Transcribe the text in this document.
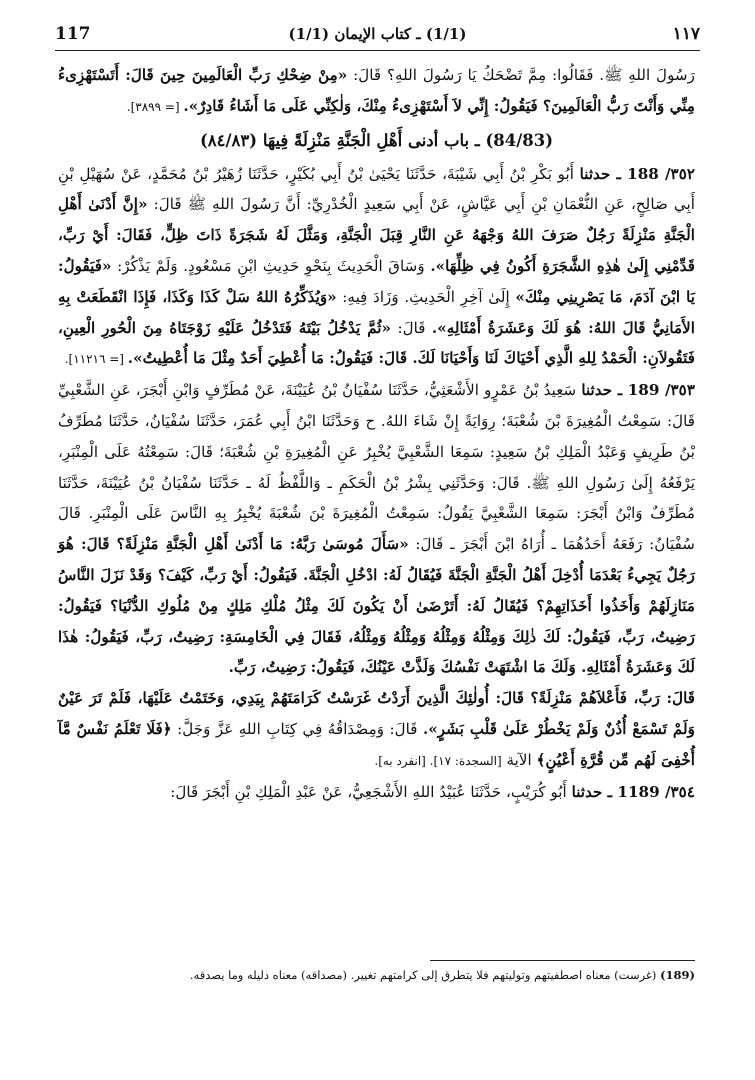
117	(1/1) ـ كتاب الإيمان (1/1)	١١٧

رَسُولَ اللهِ ﷺ. فَقَالُوا: مِمَّ تَضْحَكُ يَا رَسُولَ اللهِ؟ قَالَ: «مِنْ ضِحْكِ رَبِّ الْعَالَمِينَ حِينَ قَالَ: أَتَسْتَهْزِىءُ مِنِّي وَأَنْتَ رَبُّ الْعَالَمِينَ؟ فَيَقُولُ: إِنِّي لاَ أَسْتَهْزِىءُ مِنْكَ، وَلٰكِنِّي عَلَى مَا أَشَاءُ قَادِرٌ». [= ٣٨٩٩].

(84/83) ـ باب أدنى أَهْلِ الْجَنَّةِ مَنْزِلَةً فِيهَا (٨٤/٨٣)

٣٥٢/ 188 ـ حدثنا أَبُو بَكْرِ بْنُ أَبِي شَيْبَةَ، حَدَّثَنَا يَحْيَىٰ بْنُ أَبِي بُكَيْرٍ، حَدَّثَنَا زُهَيْرُ بْنُ مُحَمَّدٍ، عَنْ سُهَيْلِ بْنِ أَبِي صَالِحٍ، عَنِ النُّعْمَانِ بْنِ أَبِي عَيَّاشٍ، عَنْ أَبِي سَعِيدٍ الْخُدْرِيِّ: أَنَّ رَسُولَ اللهِ ﷺ قَالَ: «إِنَّ أَدْنَىٰ أَهْلِ الْجَنَّةِ مَنْزِلَةً رَجُلٌ صَرَفَ اللهُ وَجْهَهُ عَنِ النَّارِ قِبَلَ الْجَنَّةِ، وَمَثَّلَ لَهُ شَجَرَةً ذَاتَ ظِلٍّ، فَقَالَ: أَيْ رَبِّ، قَدِّمْنِي إِلَىٰ هٰذِهِ الشَّجَرَةِ أَكُونُ فِي ظِلِّهَا». وَسَاقَ الْحَدِيثَ بِنَحْوِ حَدِيثِ ابْنِ مَسْعُودٍ. وَلَمْ يَذْكُرْ: «فَيَقُولُ: يَا ابْنَ آدَمَ، مَا يَصْرِينِي مِنْكَ» إِلَىٰ آخِرِ الْحَدِيثِ. وَزَادَ فِيهِ: «وَيُذَكِّرُهُ اللهُ سَلْ كَذَا وَكَذَا، فَإِذَا انْقَطَعَتْ بِهِ الأَمَانِيُّ قَالَ اللهُ: هُوَ لَكَ وَعَشَرَةُ أَمْثَالِهِ». قَالَ: «ثُمَّ يَدْخُلُ بَيْتَهُ فَتَدْخُلُ عَلَيْهِ زَوْجَتَاهُ مِنَ الْحُورِ الْعِينِ، فَتَقُولاَنِ: الْحَمْدُ لِلهِ الَّذِي أَحْيَاكَ لَنَا وَأَحْيَانَا لَكَ. قَالَ: فَيَقُولُ: مَا أُعْطِيَ أَحَدٌ مِثْلَ مَا أُعْطِيتُ». [= ١١٢١٦].

٣٥٣/ 189 ـ حدثنا سَعِيدُ بْنُ عَمْرٍو الأَشْعَثِيُّ، حَدَّثَنَا سُفْيَانُ بْنُ عُيَيْنَةَ، عَنْ مُطَرِّفٍ وَابْنِ أَبْجَرَ، عَنِ الشَّعْبِيِّ قَالَ: سَمِعْتُ الْمُغِيرَةَ بْنَ شُعْبَةَ؛ رِوَايَةً إِنْ شَاءَ اللهُ. ح وَحَدَّثَنَا ابْنُ أَبِي عُمَرَ، حَدَّثَنَا سُفْيَانُ، حَدَّثَنَا مُطَرِّفُ بْنُ طَرِيفٍ وَعَبْدُ الْمَلِكِ بْنُ سَعِيدٍ: سَمِعَا الشَّعْبِيَّ يُخْبِرُ عَنِ الْمُغِيرَةِ بْنِ شُعْبَةَ؛ قَالَ: سَمِعْتُهُ عَلَى الْمِنْبَرِ، يَرْفَعُهُ إِلَىٰ رَسُولِ اللهِ ﷺ. قَالَ: وَحَدَّثَنِي بِشْرُ بْنُ الْحَكَمِ ـ وَاللَّفْظُ لَهُ ـ حَدَّثَنَا سُفْيَانُ بْنُ عُيَيْنَةَ، حَدَّثَنَا مُطَرِّفٌ وَابْنُ أَبْجَرَ: سَمِعَا الشَّعْبِيَّ يَقُولُ: سَمِعْتُ الْمُغِيرَةَ بْنَ شُعْبَةَ يُخْبِرُ بِهِ النَّاسَ عَلَى الْمِنْبَرِ. قَالَ سُفْيَانُ: رَفَعَهُ أَحَدُهُمَا ـ أُرَاهُ ابْنَ أَبْجَرَ ـ قَالَ: «سَأَلَ مُوسَىٰ رَبَّهُ: مَا أَدْنَىٰ أَهْلِ الْجَنَّةِ مَنْزِلَةً؟ قَالَ: هُوَ رَجُلٌ يَجِيءُ بَعْدَمَا أُدْخِلَ أَهْلُ الْجَنَّةِ الْجَنَّةَ فَيُقَالُ لَهُ: ادْخُلِ الْجَنَّةَ. فَيَقُولُ: أَيْ رَبِّ، كَيْفَ؟ وَقَدْ نَزَلَ النَّاسُ مَنَازِلَهُمْ وَأَخَذُوا أَخَذَاتِهِمْ؟ فَيُقَالُ لَهُ: أَتَرْضَىٰ أَنْ يَكُونَ لَكَ مِثْلُ مُلْكِ مَلِكٍ مِنْ مُلُوكِ الدُّنْيَا؟ فَيَقُولُ: رَضِيتُ، رَبِّ، فَيَقُولُ: لَكَ ذٰلِكَ وَمِثْلُهُ وَمِثْلُهُ وَمِثْلُهُ وَمِثْلُهُ، فَقَالَ فِي الْخَامِسَةِ: رَضِيتُ، رَبِّ، فَيَقُولُ: هٰذَا لَكَ وَعَشَرَةُ أَمْثَالِهِ. وَلَكَ مَا اشْتَهَتْ نَفْسُكَ وَلَذَّتْ عَيْنُكَ، فَيَقُولُ: رَضِيتُ، رَبِّ.

قَالَ: رَبِّ، فَأَعْلاَهُمْ مَنْزِلَةً؟ قَالَ: أُولٰئِكَ الَّذِينَ أَرَدْتُ غَرَسْتُ كَرَامَتَهُمْ بِيَدِي، وَخَتَمْتُ عَلَيْهَا، فَلَمْ تَرَ عَيْنٌ وَلَمْ تَسْمَعْ أُذُنٌ وَلَمْ يَخْطُرْ عَلَىٰ قَلْبِ بَشَرٍ». قَالَ: وَمِصْدَاقُهُ فِي كِتَابِ اللهِ عَزَّ وَجَلَّ: ﴿فَلَا تَعْلَمُ نَفْسٌ مَّآ أُخْفِىَ لَهُم مِّن قُرَّةِ أَعْيُنٍ﴾ الآية [السجدة: ١٧]. [انفرد به].

٣٥٤/ 1189 ـ حدثنا أَبُو كُرَيْبٍ، حَدَّثَنَا عُبَيْدُ اللهِ الأَشْجَعِيُّ، عَنْ عَبْدِ الْمَلِكِ بْنِ أَبْجَرَ قَالَ:

(189) (غرست) معناه اصطفيتهم وتوليتهم فلا يتطرق إلى كرامتهم تغيير. (مصداقه) معناه دليله وما يصدقه.
